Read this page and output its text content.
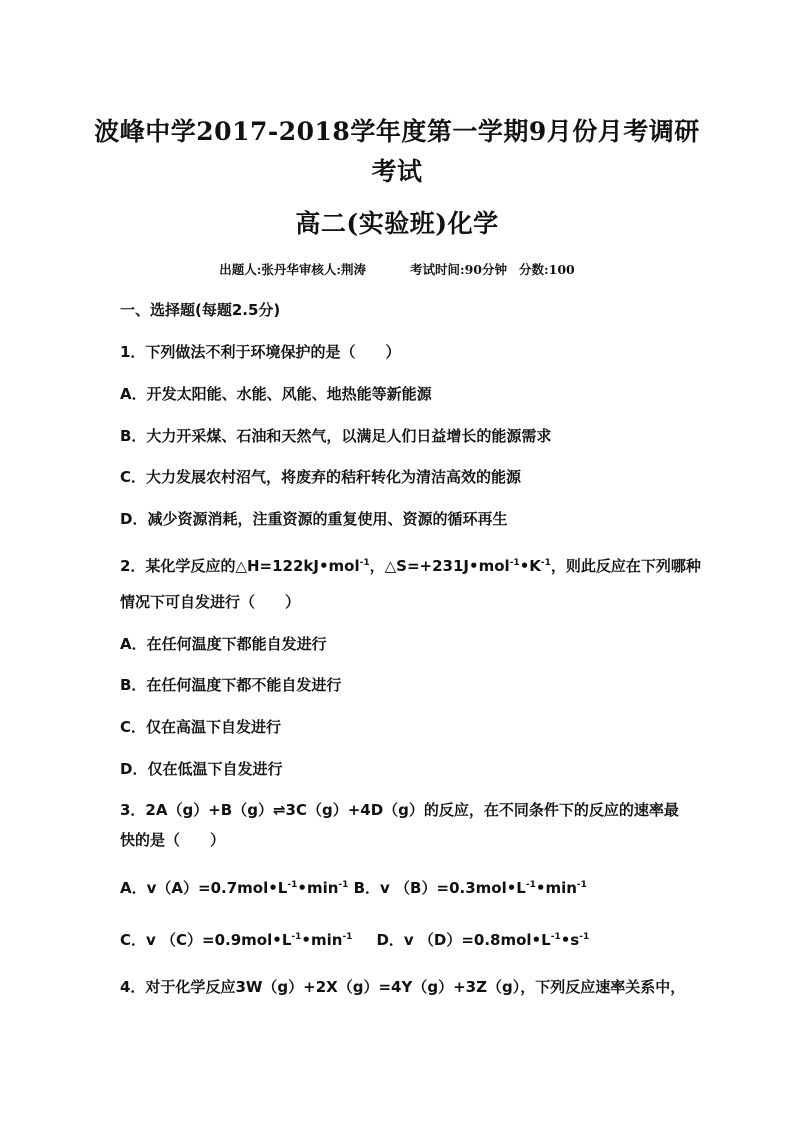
波峰中学2017-2018学年度第一学期9月份月考调研
考试
高二(实验班)化学
出题人:张丹华审核人:荆涛	考试时间:90分钟 分数:100
一、选择题(每题2.5分)
1．下列做法不利于环境保护的是（　　）
A．开发太阳能、水能、风能、地热能等新能源
B．大力开采煤、石油和天然气，以满足人们日益增长的能源需求
C．大力发展农村沼气，将废弃的秸秆转化为清洁高效的能源
D．减少资源消耗，注重资源的重复使用、资源的循环再生
2．某化学反应的△H=122kJ•mol$^{-1}$，$\triangle S=+231J•mol^{-1}•K^{-1}$，则此反应在下列哪种
情况下可自发进行（　　）
A．在任何温度下都能自发进行
B．在任何温度下都不能自发进行
C．仅在高温下自发进行
D．仅在低温下自发进行
3．2A（g）+B（g）⇌3C（g）+4D（g）的反应，在不同条件下的反应的速率最
快的是（　　）
A．$v(A)=0.7mol•L^{-1}•\min^{-1}$ B．v $(B)=0.3mol•L^{-1}•\min^{-1}$
C．v $(C)=0.9mol•L^{-1}•\min^{-1}$ D．v $(D)=0.8mol•L^{-1}•s^{-1}$
4．对于化学反应3W（g）+2X（g）=4Y（g）+3Z（g），下列反应速率关系中，
